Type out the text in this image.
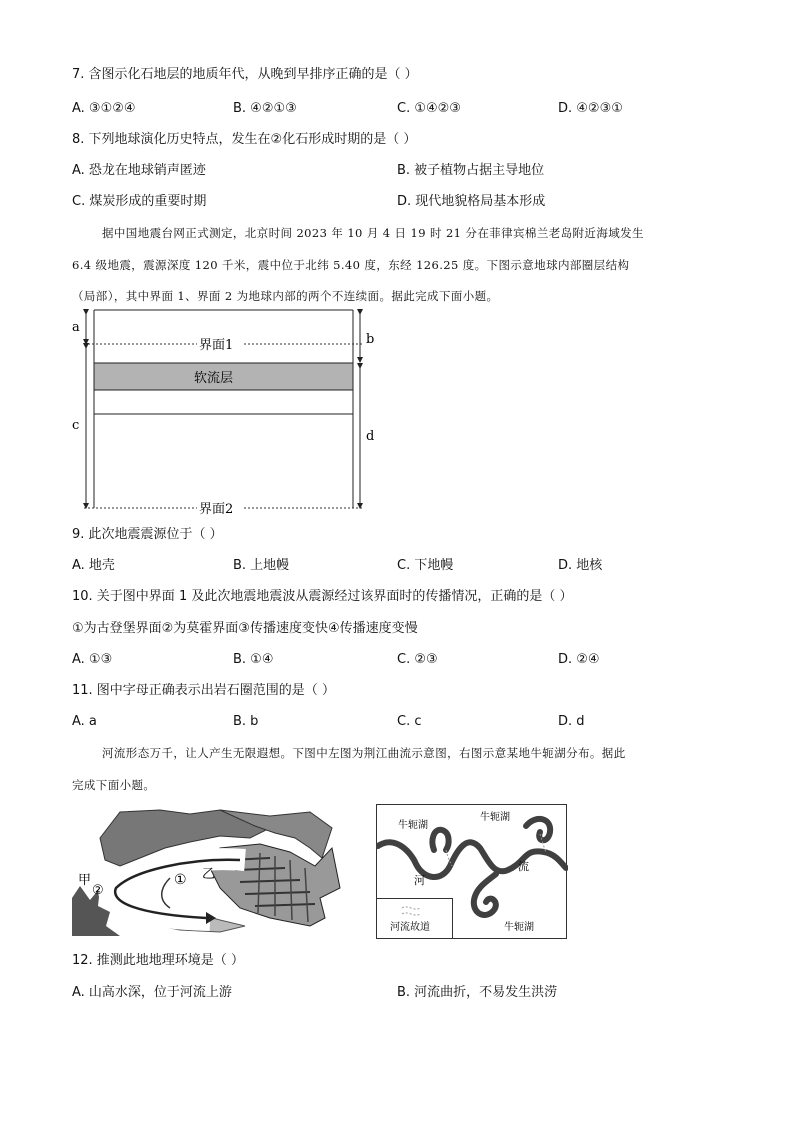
7. 含图示化石地层的地质年代，从晚到早排序正确的是（ ）
A. ③①②④	B. ④②①③	C. ①④②③	D. ④②③①
8. 下列地球演化历史特点，发生在②化石形成时期的是（ ）
A. 恐龙在地球销声匿迹	B. 被子植物占据主导地位
C. 煤炭形成的重要时期	D. 现代地貌格局基本形成
据中国地震台网正式测定，北京时间 2023 年 10 月 4 日 19 时 21 分在菲律宾棉兰老岛附近海域发生
6.4 级地震，震源深度 120 千米，震中位于北纬 5.40 度，东经 126.25 度。下图示意地球内部圈层结构
（局部），其中界面 1、界面 2 为地球内部的两个不连续面。据此完成下面小题。
a
c
b
d
界面1
软流层
界面2
9. 此次地震震源位于（ ）
A. 地壳	B. 上地幔	C. 下地幔	D. 地核
10. 关于图中界面 1 及此次地震地震波从震源经过该界面时的传播情况，正确的是（ ）
①为古登堡界面②为莫霍界面③传播速度变快④传播速度变慢
A. ①③	B. ①④	C. ②③	D. ②④
11. 图中字母正确表示出岩石圈范围的是（ ）
A. a	B. b	C. c	D. d
河流形态万千，让人产生无限遐想。下图中左图为荆江曲流示意图，右图示意某地牛轭湖分布。据此
完成下面小题。
甲
②
① 乙
牛轭湖
牛轭湖
牛轭湖
河
流
河流故道
12. 推测此地地理环境是（ ）
A. 山高水深，位于河流上游	B. 河流曲折，不易发生洪涝
